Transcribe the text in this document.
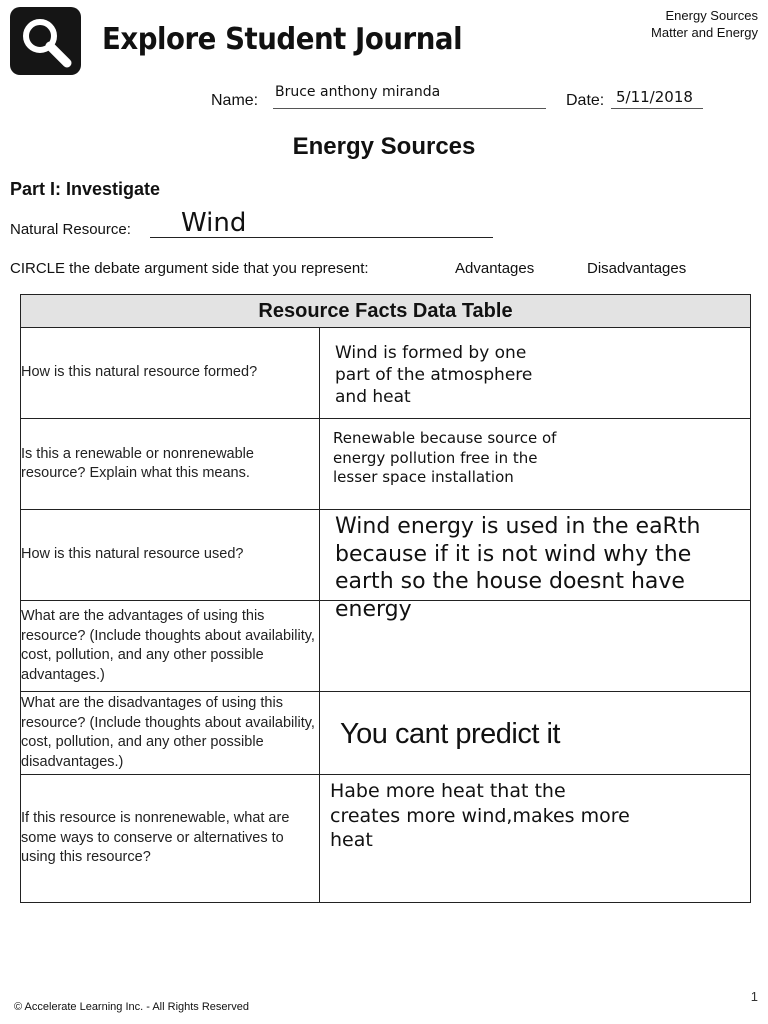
Explore Student Journal
Energy Sources
Matter and Energy
Name: Bruce anthony miranda	Date: 5/11/2018
Energy Sources
Part I: Investigate
Natural Resource: Wind
CIRCLE the debate argument side that you represent:	Advantages	Disadvantages
Resource Facts Data Table	
How is this natural resource formed?	Wind is formed by one part of the atmosphere and heat

Is this a renewable or nonrenewable resource? Explain what this means.	Renewable because source of energy pollution free in the lesser space installation

How is this natural resource used?	Wind energy is used in the eaRth because if it is not wind why the earth so the house doesnt have energy

What are the advantages of using this resource? (Include thoughts about availability, cost, pollution, and any other possible advantages.)	
What are the disadvantages of using this resource? (Include thoughts about availability, cost, pollution, and any other possible disadvantages.)	You cant predict it

If this resource is nonrenewable, what are some ways to conserve or alternatives to using this resource?	Habe more heat that the creates more wind,makes more heat
© Accelerate Learning Inc. - All Rights Reserved
1
